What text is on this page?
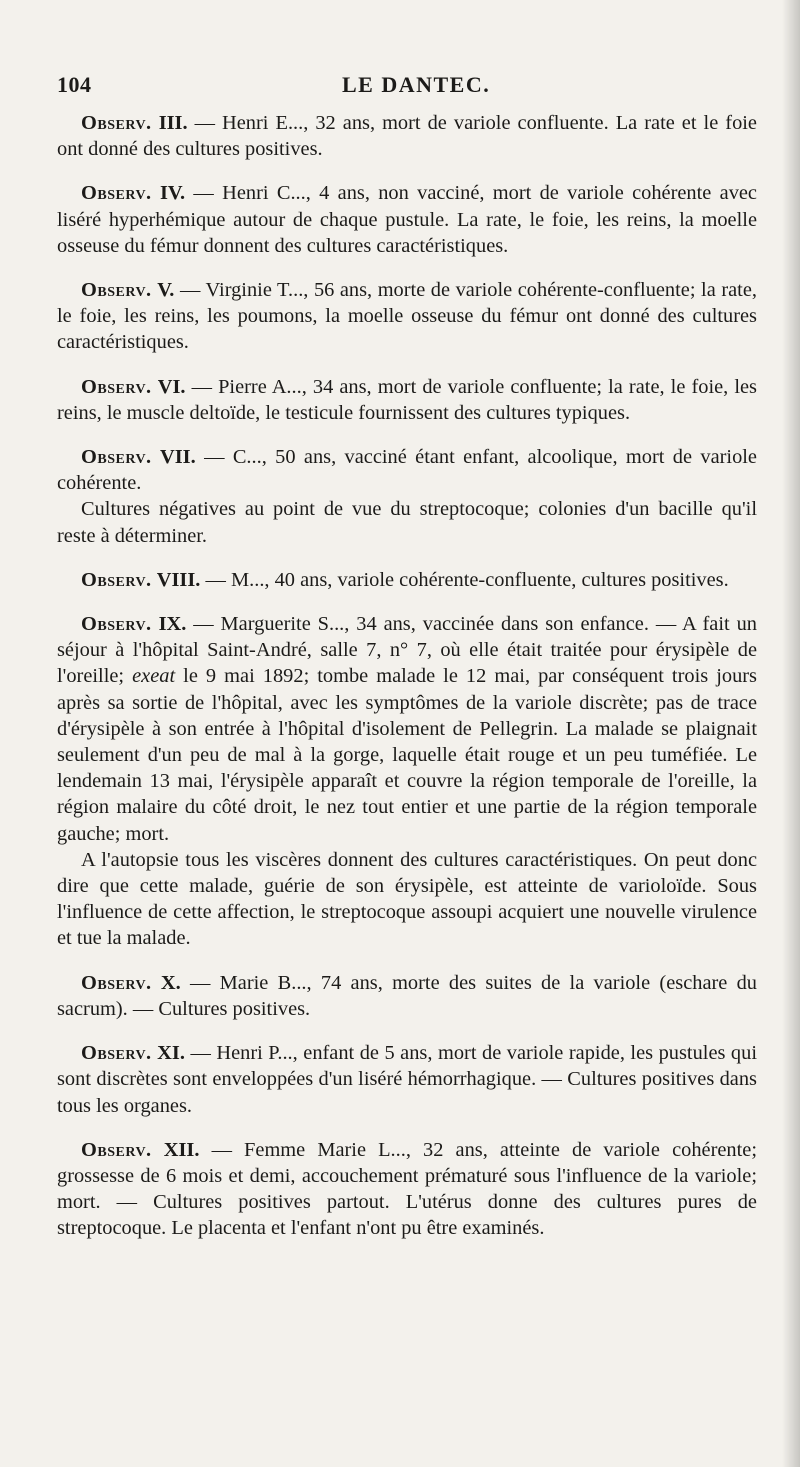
104	LE DANTEC.

Observ. III. — Henri E..., 32 ans, mort de variole confluente. La rate et le foie ont donné des cultures positives.

Observ. IV. — Henri C..., 4 ans, non vacciné, mort de variole cohérente avec liséré hyperhémique autour de chaque pustule. La rate, le foie, les reins, la moelle osseuse du fémur donnent des cultures caractéristiques.

Observ. V. — Virginie T..., 56 ans, morte de variole cohérente-confluente; la rate, le foie, les reins, les poumons, la moelle osseuse du fémur ont donné des cultures caractéristiques.

Observ. VI. — Pierre A..., 34 ans, mort de variole confluente; la rate, le foie, les reins, le muscle deltoïde, le testicule fournissent des cultures typiques.

Observ. VII. — C..., 50 ans, vacciné étant enfant, alcoolique, mort de variole cohérente.

Cultures négatives au point de vue du streptocoque; colonies d'un bacille qu'il reste à déterminer.

Observ. VIII. — M..., 40 ans, variole cohérente-confluente, cultures positives.

Observ. IX. — Marguerite S..., 34 ans, vaccinée dans son enfance. — A fait un séjour à l'hôpital Saint-André, salle 7, n° 7, où elle était traitée pour érysipèle de l'oreille; exeat le 9 mai 1892; tombe malade le 12 mai, par conséquent trois jours après sa sortie de l'hôpital, avec les symptômes de la variole discrète; pas de trace d'érysipèle à son entrée à l'hôpital d'isolement de Pellegrin. La malade se plaignait seulement d'un peu de mal à la gorge, laquelle était rouge et un peu tuméfiée. Le lendemain 13 mai, l'érysipèle apparaît et couvre la région temporale de l'oreille, la région malaire du côté droit, le nez tout entier et une partie de la région temporale gauche; mort.

A l'autopsie tous les viscères donnent des cultures caractéristiques. On peut donc dire que cette malade, guérie de son érysipèle, est atteinte de varioloïde. Sous l'influence de cette affection, le streptocoque assoupi acquiert une nouvelle virulence et tue la malade.

Observ. X. — Marie B..., 74 ans, morte des suites de la variole (eschare du sacrum). — Cultures positives.

Observ. XI. — Henri P..., enfant de 5 ans, mort de variole rapide, les pustules qui sont discrètes sont enveloppées d'un liséré hémorrhagique. — Cultures positives dans tous les organes.

Observ. XII. — Femme Marie L..., 32 ans, atteinte de variole cohérente; grossesse de 6 mois et demi, accouchement prématuré sous l'influence de la variole; mort. — Cultures positives partout. L'utérus donne des cultures pures de streptocoque. Le placenta et l'enfant n'ont pu être examinés.
